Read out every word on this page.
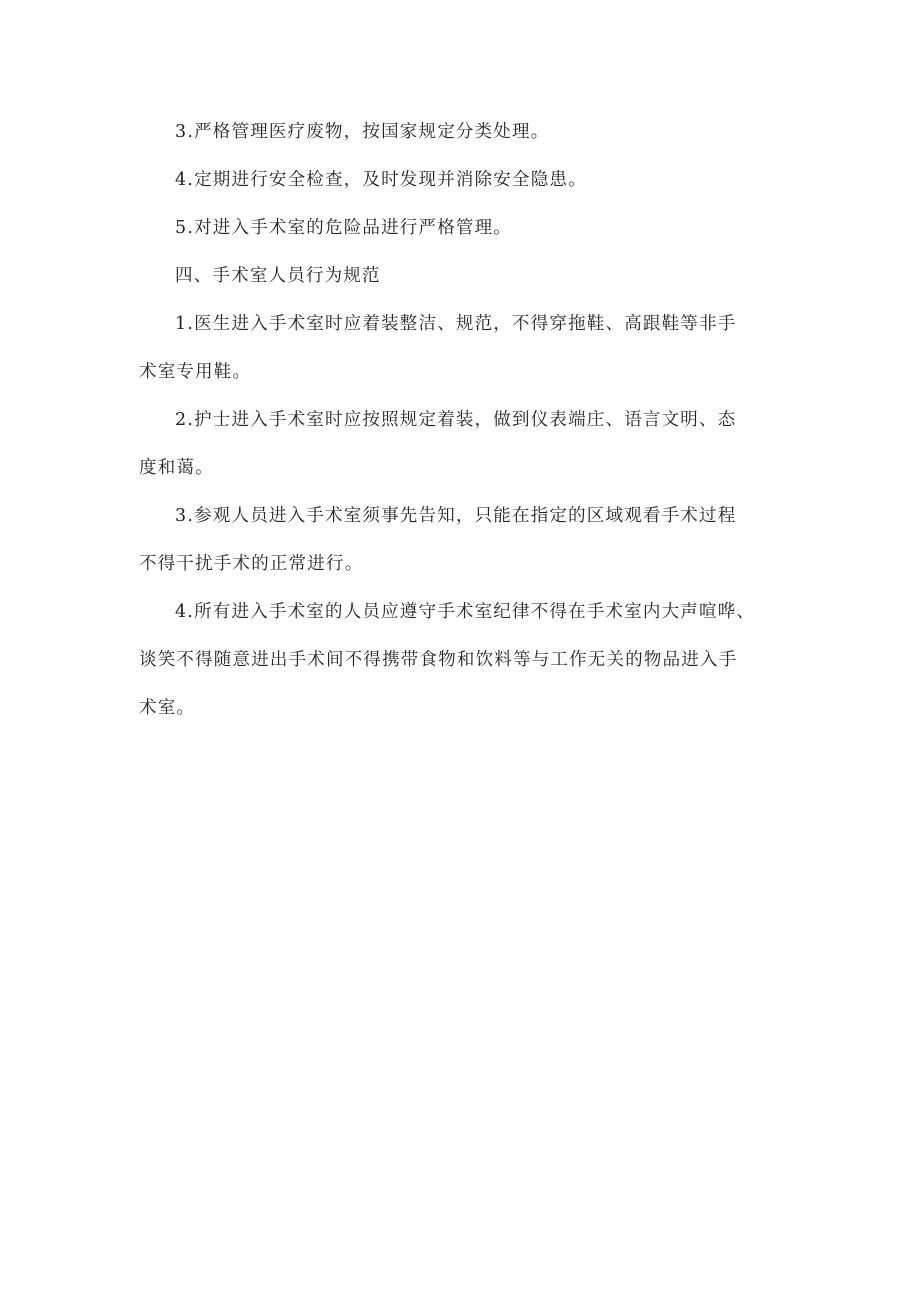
3.严格管理医疗废物，按国家规定分类处理。

4.定期进行安全检查，及时发现并消除安全隐患。

5.对进入手术室的危险品进行严格管理。

四、手术室人员行为规范

1.医生进入手术室时应着装整洁、规范，不得穿拖鞋、高跟鞋等非手

术室专用鞋。

2.护士进入手术室时应按照规定着装，做到仪表端庄、语言文明、态

度和蔼。

3.参观人员进入手术室须事先告知，只能在指定的区域观看手术过程

不得干扰手术的正常进行。

4.所有进入手术室的人员应遵守手术室纪律不得在手术室内大声喧哗、

谈笑不得随意进出手术间不得携带食物和饮料等与工作无关的物品进入手

术室。
